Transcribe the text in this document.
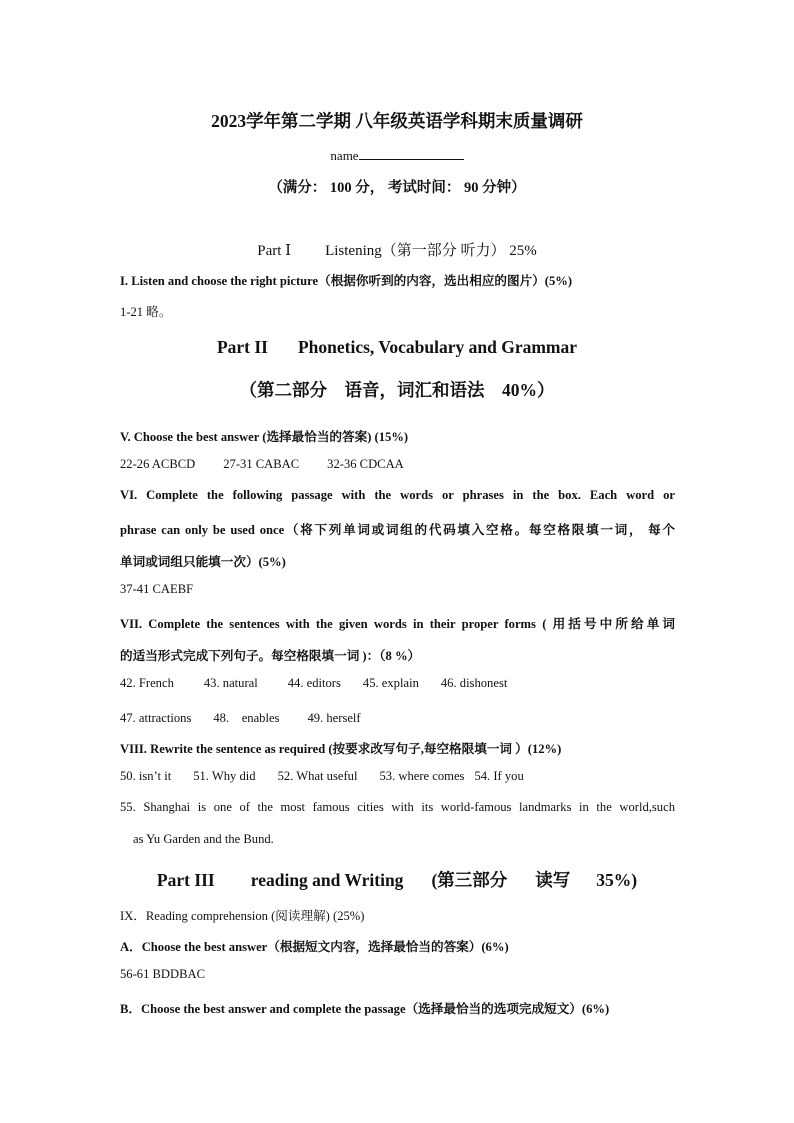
2023学年第二学期 八年级英语学科期末质量调研
name
（满分： 100 分， 考试时间： 90 分钟）
Part Ⅰ Listening（第一部分 听力） 25%
I. Listen and choose the right picture（根据你听到的内容，选出相应的图片）(5%)
1-21 略。
Part II Phonetics, Vocabulary and Grammar
（第二部分　语音，词汇和语法　40%）
V. Choose the best answer (选择最恰当的答案) (15%)
22-26 ACBCD 27-31 CABAC 32-36 CDCAA
VI. Complete the following passage with the words or phrases in the box. Each word or
phrase can only be used once（将下列单词或词组的代码填入空格。每空格限填一词， 每个
单词或词组只能填一次）(5%)
37-41 CAEBF
VII. Complete the sentences with the given words in their proper forms ( 用括号中所给单词
的适当形式完成下列句子。每空格限填一词 )：（8 %）
42. French 43. natural 44. editors 45. explain 46. dishonest
47. attractions 48.　enables 49. herself
VIII. Rewrite the sentence as required (按要求改写句子,每空格限填一词 ）(12%)
50. isn’t it 51. Why did 52. What useful 53. where comes 54. If you
55. Shanghai is one of the most famous cities with its world-famous landmarks in the world,such
as Yu Garden and the Bund.
Part III reading and Writing (第三部分 读写 35%)
IX．Reading comprehension (阅读理解) (25%)
A．Choose the best answer（根据短文内容，选择最恰当的答案）(6%)
56-61 BDDBAC
B．Choose the best answer and complete the passage（选择最恰当的选项完成短文）(6%)
